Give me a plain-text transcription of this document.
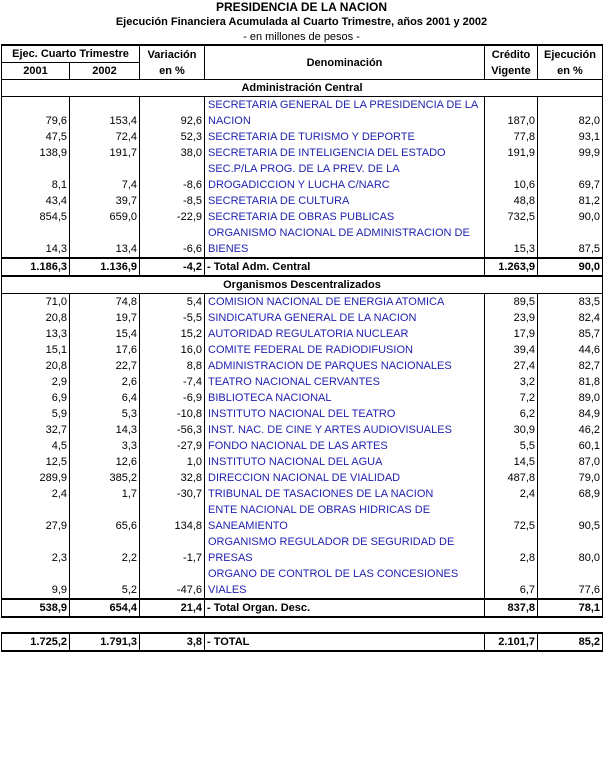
PRESIDENCIA DE LA NACION
Ejecución Financiera Acumulada al Cuarto Trimestre, años 2001 y 2002
- en millones de pesos -
Ejec. Cuarto Trimestre		Variación	Denominación	Crédito	Ejecución
2001	2002	en %		Vigente	en %
Administración Central					
79,6	153,4	92,6	SECRETARIA GENERAL DE LA PRESIDENCIA DE LA NACION	187,0	82,0
47,5	72,4	52,3	SECRETARIA DE TURISMO Y DEPORTE	77,8	93,1
138,9	191,7	38,0	SECRETARIA DE INTELIGENCIA DEL ESTADO	191,9	99,9
8,1	7,4	-8,6	SEC.P/LA PROG. DE LA PREV. DE LA DROGADICCION Y LUCHA C/NARC	10,6	69,7
43,4	39,7	-8,5	SECRETARIA DE CULTURA	48,8	81,2
854,5	659,0	-22,9	SECRETARIA DE OBRAS PUBLICAS	732,5	90,0
14,3	13,4	-6,6	ORGANISMO NACIONAL DE ADMINISTRACION DE BIENES	15,3	87,5
1.186,3	1.136,9	-4,2	- Total Adm. Central	1.263,9	90,0
Organismos Descentralizados					
71,0	74,8	5,4	COMISION NACIONAL DE ENERGIA ATOMICA	89,5	83,5
20,8	19,7	-5,5	SINDICATURA GENERAL DE LA NACION	23,9	82,4
13,3	15,4	15,2	AUTORIDAD REGULATORIA NUCLEAR	17,9	85,7
15,1	17,6	16,0	COMITE FEDERAL DE RADIODIFUSION	39,4	44,6
20,8	22,7	8,8	ADMINISTRACION DE PARQUES NACIONALES	27,4	82,7
2,9	2,6	-7,4	TEATRO NACIONAL CERVANTES	3,2	81,8
6,9	6,4	-6,9	BIBLIOTECA NACIONAL	7,2	89,0
5,9	5,3	-10,8	INSTITUTO NACIONAL DEL TEATRO	6,2	84,9
32,7	14,3	-56,3	INST. NAC. DE CINE Y ARTES AUDIOVISUALES	30,9	46,2
4,5	3,3	-27,9	FONDO NACIONAL DE LAS ARTES	5,5	60,1
12,5	12,6	1,0	INSTITUTO NACIONAL DEL AGUA	14,5	87,0
289,9	385,2	32,8	DIRECCION NACIONAL DE VIALIDAD	487,8	79,0
2,4	1,7	-30,7	TRIBUNAL DE TASACIONES DE LA NACION	2,4	68,9
27,9	65,6	134,8	ENTE NACIONAL DE OBRAS HIDRICAS DE SANEAMIENTO	72,5	90,5
2,3	2,2	-1,7	ORGANISMO REGULADOR DE SEGURIDAD DE PRESAS	2,8	80,0
9,9	5,2	-47,6	ORGANO DE CONTROL DE LAS CONCESIONES VIALES	6,7	77,6
538,9	654,4	21,4	- Total Organ. Desc.	837,8	78,1

1.725,2	1.791,3	3,8	- TOTAL	2.101,7	85,2
